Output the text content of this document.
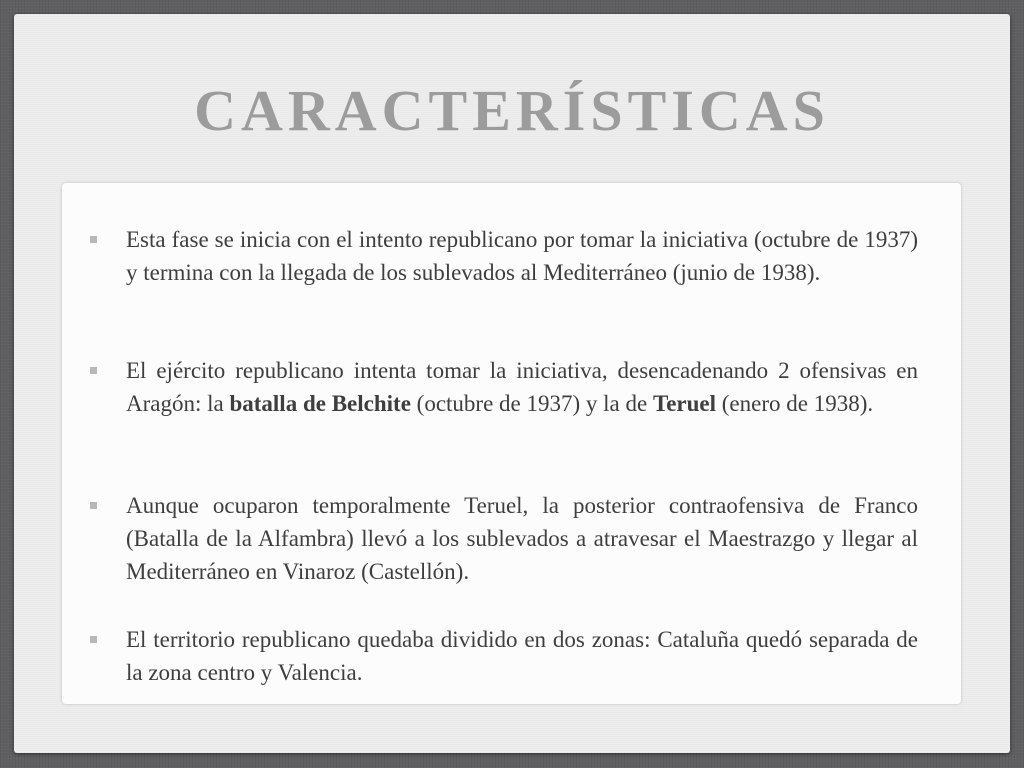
CARACTERÍSTICAS
Esta fase se inicia con el intento republicano por tomar la iniciativa (octubre de 1937) y termina con la llegada de los sublevados al Mediterráneo (junio de 1938).
El ejército republicano intenta tomar la iniciativa, desencadenando 2 ofensivas en Aragón: la batalla de Belchite (octubre de 1937) y la de Teruel (enero de 1938).
Aunque ocuparon temporalmente Teruel, la posterior contraofensiva de Franco (Batalla de la Alfambra) llevó a los sublevados a atravesar el Maestrazgo y llegar al Mediterráneo en Vinaroz (Castellón).
El territorio republicano quedaba dividido en dos zonas: Cataluña quedó separada de la zona centro y Valencia.
